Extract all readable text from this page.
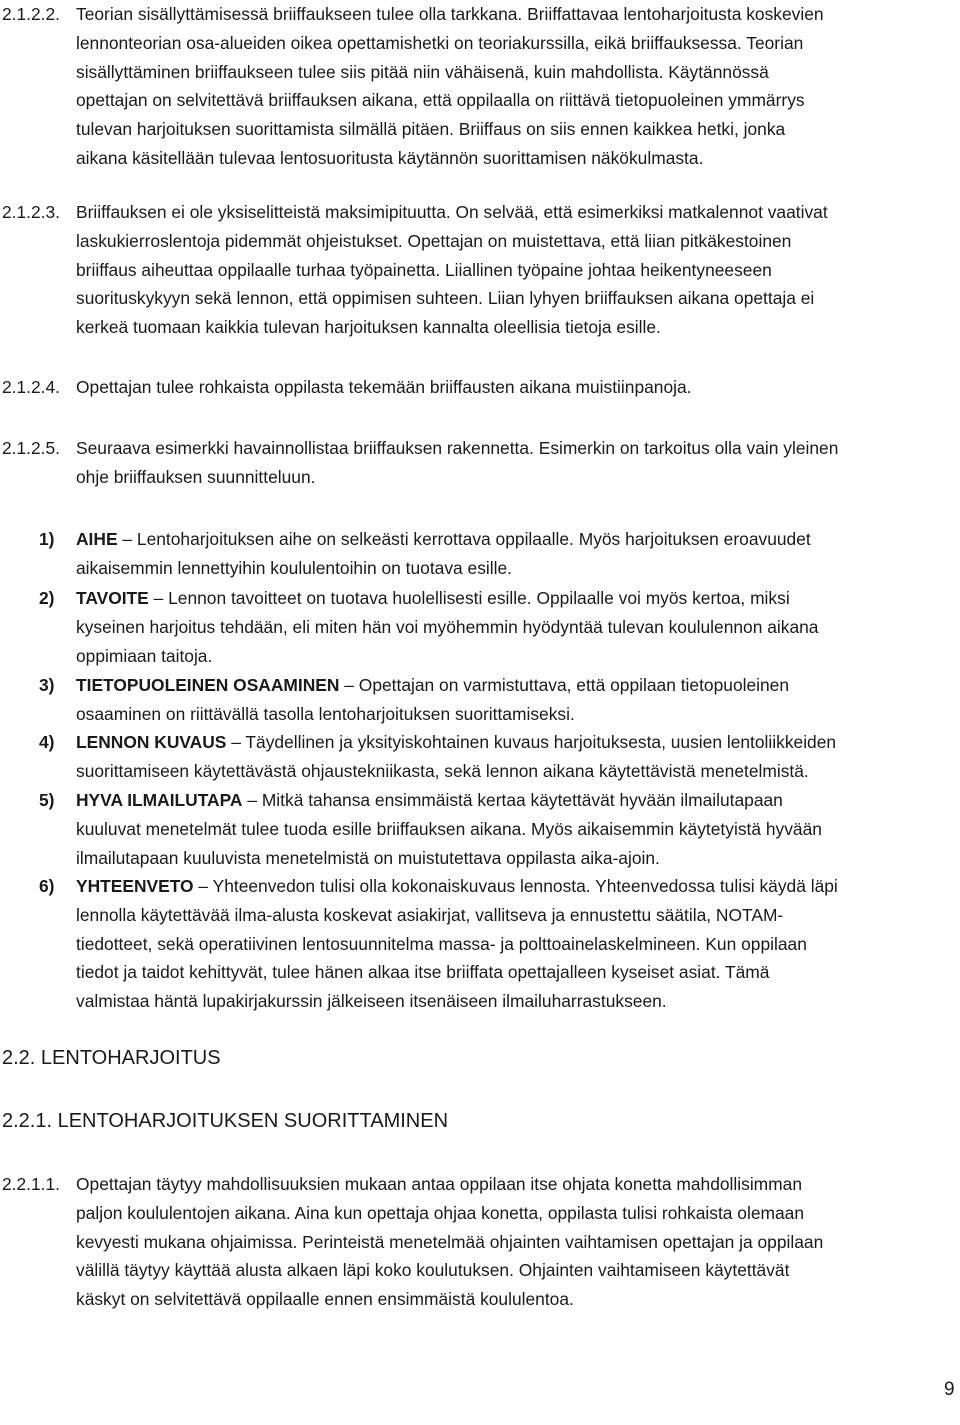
2.1.2.2. Teorian sisällyttämisessä briiffaukseen tulee olla tarkkana. Briiffattavaa lentoharjoitusta koskevien
lennonteorian osa-alueiden oikea opettamishetki on teoriakurssilla, eikä briiffauksessa. Teorian
sisällyttäminen briiffaukseen tulee siis pitää niin vähäisenä, kuin mahdollista. Käytännössä
opettajan on selvitettävä briiffauksen aikana, että oppilaalla on riittävä tietopuoleinen ymmärrys
tulevan harjoituksen suorittamista silmällä pitäen. Briiffaus on siis ennen kaikkea hetki, jonka
aikana käsitellään tulevaa lentosuoritusta käytännön suorittamisen näkökulmasta.
2.1.2.3. Briiffauksen ei ole yksiselitteistä maksimipituutta. On selvää, että esimerkiksi matkalennot vaativat
laskukierroslentoja pidemmät ohjeistukset. Opettajan on muistettava, että liian pitkäkestoinen
briiffaus aiheuttaa oppilaalle turhaa työpainetta. Liiallinen työpaine johtaa heikentyneeseen
suorituskykyyn sekä lennon, että oppimisen suhteen. Liian lyhyen briiffauksen aikana opettaja ei
kerkeä tuomaan kaikkia tulevan harjoituksen kannalta oleellisia tietoja esille.
2.1.2.4. Opettajan tulee rohkaista oppilasta tekemään briiffausten aikana muistiinpanoja.
2.1.2.5. Seuraava esimerkki havainnollistaa briiffauksen rakennetta. Esimerkin on tarkoitus olla vain yleinen
ohje briiffauksen suunnitteluun.
1) AIHE – Lentoharjoituksen aihe on selkeästi kerrottava oppilaalle. Myös harjoituksen eroavuudet
aikaisemmin lennettyihin koululentoihin on tuotava esille.
2) TAVOITE – Lennon tavoitteet on tuotava huolellisesti esille. Oppilaalle voi myös kertoa, miksi
kyseinen harjoitus tehdään, eli miten hän voi myöhemmin hyödyntää tulevan koululennon aikana
oppimiaan taitoja.
3) TIETOPUOLEINEN OSAAMINEN – Opettajan on varmistuttava, että oppilaan tietopuoleinen
osaaminen on riittävällä tasolla lentoharjoituksen suorittamiseksi.
4) LENNON KUVAUS – Täydellinen ja yksityiskohtainen kuvaus harjoituksesta, uusien lentoliikkeiden
suorittamiseen käytettävästä ohjaustekniikasta, sekä lennon aikana käytettävistä menetelmistä.
5) HYVA ILMAILUTAPA – Mitkä tahansa ensimmäistä kertaa käytettävät hyvään ilmailutapaan
kuuluvat menetelmät tulee tuoda esille briiffauksen aikana. Myös aikaisemmin käytetyistä hyvään
ilmailutapaan kuuluvista menetelmistä on muistutettava oppilasta aika-ajoin.
6) YHTEENVETO – Yhteenvedon tulisi olla kokonaiskuvaus lennosta. Yhteenvedossa tulisi käydä läpi
lennolla käytettävää ilma-alusta koskevat asiakirjat, vallitseva ja ennustettu säätila, NOTAM-
tiedotteet, sekä operatiivinen lentosuunnitelma massa- ja polttoainelaskelmineen. Kun oppilaan
tiedot ja taidot kehittyvät, tulee hänen alkaa itse briiffata opettajalleen kyseiset asiat. Tämä
valmistaa häntä lupakirjakurssin jälkeiseen itsenäiseen ilmailuharrastukseen.
2.2. LENTOHARJOITUS
2.2.1. LENTOHARJOITUKSEN SUORITTAMINEN
2.2.1.1. Opettajan täytyy mahdollisuuksien mukaan antaa oppilaan itse ohjata konetta mahdollisimman
paljon koululentojen aikana. Aina kun opettaja ohjaa konetta, oppilasta tulisi rohkaista olemaan
kevyesti mukana ohjaimissa. Perinteistä menetelmää ohjainten vaihtamisen opettajan ja oppilaan
välillä täytyy käyttää alusta alkaen läpi koko koulutuksen. Ohjainten vaihtamiseen käytettävät
käskyt on selvitettävä oppilaalle ennen ensimmäistä koululentoa.
9
